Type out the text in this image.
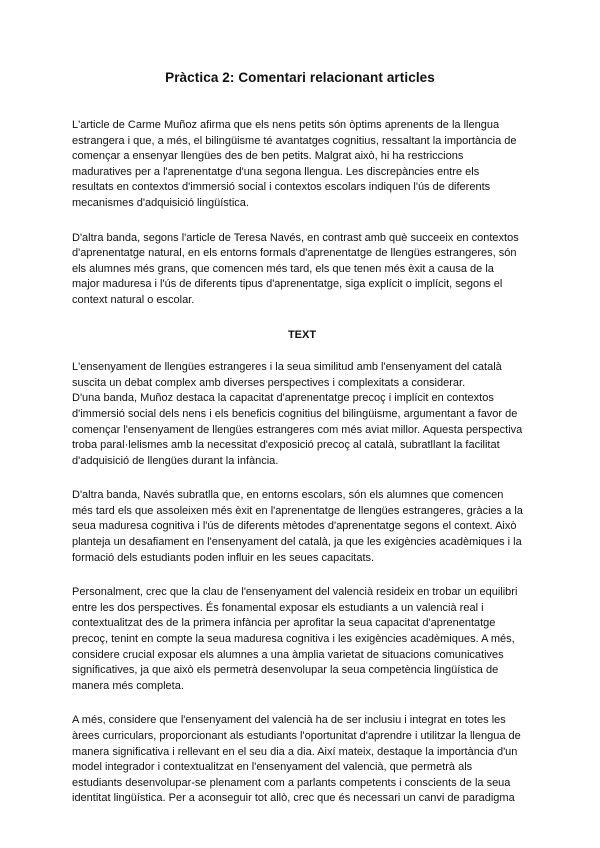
Pràctica 2: Comentari relacionant articles

L'article de Carme Muñoz afirma que els nens petits són òptims aprenents de la llengua
estrangera i que, a més, el bilingüisme té avantatges cognitius, ressaltant la importància de
començar a ensenyar llengües des de ben petits. Malgrat això, hi ha restriccions
maduratives per a l'aprenentatge d'una segona llengua. Les discrepàncies entre els
resultats en contextos d'immersió social i contextos escolars indiquen l'ús de diferents
mecanismes d'adquisició lingüística.

D'altra banda, segons l'article de Teresa Navés, en contrast amb què succeeix en contextos
d'aprenentatge natural, en els entorns formals d'aprenentatge de llengües estrangeres, són
els alumnes més grans, que comencen més tard, els que tenen més èxit a causa de la
major maduresa i l'ús de diferents tipus d'aprenentatge, siga explícit o implícit, segons el
context natural o escolar.

TEXT

L'ensenyament de llengües estrangeres i la seua similitud amb l'ensenyament del català
suscita un debat complex amb diverses perspectives i complexitats a considerar.
D'una banda, Muñoz destaca la capacitat d'aprenentatge precoç i implícit en contextos
d'immersió social dels nens i els beneficis cognitius del bilingüisme, argumentant a favor de
començar l'ensenyament de llengües estrangeres com més aviat millor. Aquesta perspectiva
troba paral·lelismes amb la necessitat d'exposició precoç al català, subratllant la facilitat
d'adquisició de llengües durant la infància.

D'altra banda, Navés subratlla que, en entorns escolars, són els alumnes que comencen
més tard els que assoleixen més èxit en l'aprenentatge de llengües estrangeres, gràcies a la
seua maduresa cognitiva i l'ús de diferents mètodes d'aprenentatge segons el context. Això
planteja un desafiament en l'ensenyament del català, ja que les exigències acadèmiques i la
formació dels estudiants poden influir en les seues capacitats.

Personalment, crec que la clau de l'ensenyament del valencià resideix en trobar un equilibri
entre les dos perspectives. És fonamental exposar els estudiants a un valencià real i
contextualitzat des de la primera infància per aprofitar la seua capacitat d'aprenentatge
precoç, tenint en compte la seua maduresa cognitiva i les exigències acadèmiques. A més,
considere crucial exposar els alumnes a una àmplia varietat de situacions comunicatives
significatives, ja que això els permetrà desenvolupar la seua competència lingüística de
manera més completa.

A més, considere que l'ensenyament del valencià ha de ser inclusiu i integrat en totes les
àrees curriculars, proporcionant als estudiants l'oportunitat d'aprendre i utilitzar la llengua de
manera significativa i rellevant en el seu dia a dia. Així mateix, destaque la importància d'un
model integrador i contextualitzat en l'ensenyament del valencià, que permetrà als
estudiants desenvolupar-se plenament com a parlants competents i conscients de la seua
identitat lingüística. Per a aconseguir tot allò, crec que és necessari un canvi de paradigma
